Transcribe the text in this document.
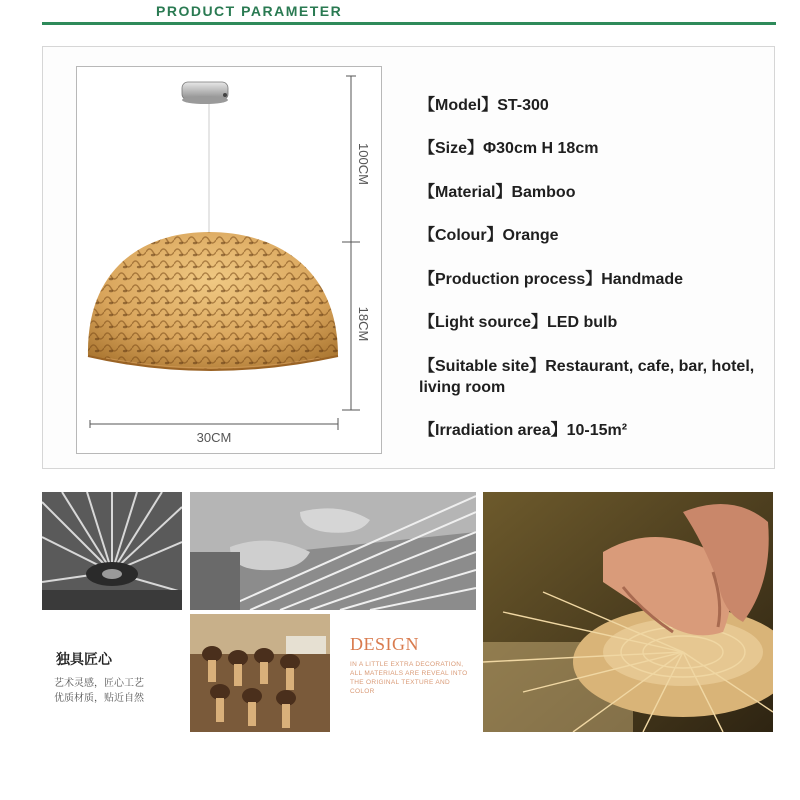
PRODUCT PARAMETER
100CM
18CM
30CM
【Model】ST-300
【Size】Φ30cm H 18cm
【Material】Bamboo
【Colour】Orange
【Production process】Handmade
【Light source】LED bulb
【Suitable site】Restaurant, cafe, bar, hotel, living room
【Irradiation area】10-15m²
独具匠心
艺术灵感，匠心工艺
优质材质，贴近自然
DESIGN
IN A LITTLE EXTRA DECORATION, ALL MATERIALS ARE REVEAL INTO THE ORIGINAL TEXTURE AND COLOR
